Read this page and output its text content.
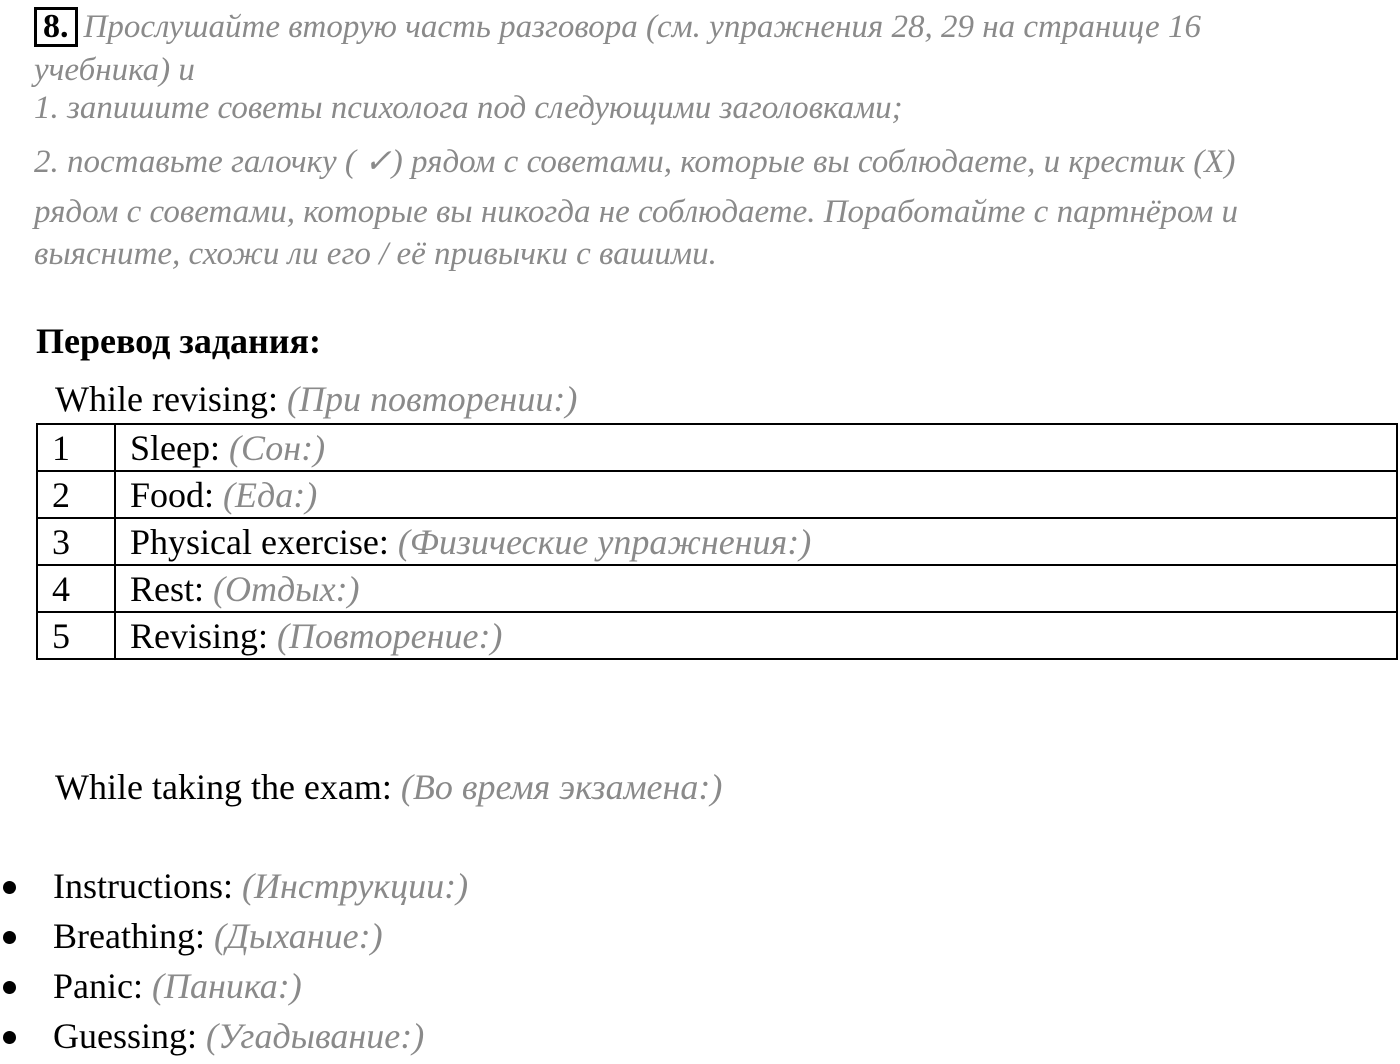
8. Прослушайте вторую часть разговора (см. упражнения 28, 29 на странице 16

учебника) и

1. запишите советы психолога под следующими заголовками;

2. поставьте галочку ( ✓) рядом с советами, которые вы соблюдаете, и крестик (X)

рядом с советами, которые вы никогда не соблюдаете. Поработайте с партнёром и

выясните, схожи ли его / её привычки с вашими.

Перевод задания:
While revising: (При повторении:)
1	Sleep: (Сон:)
2	Food: (Еда:)
3	Physical exercise: (Физические упражнения:)
4	Rest: (Отдых:)
5	Revising: (Повторение:)
While taking the exam: (Во время экзамена:)
Instructions: (Инструкции:)
Breathing: (Дыхание:)
Panic: (Паника:)
Guessing: (Угадывание:)
